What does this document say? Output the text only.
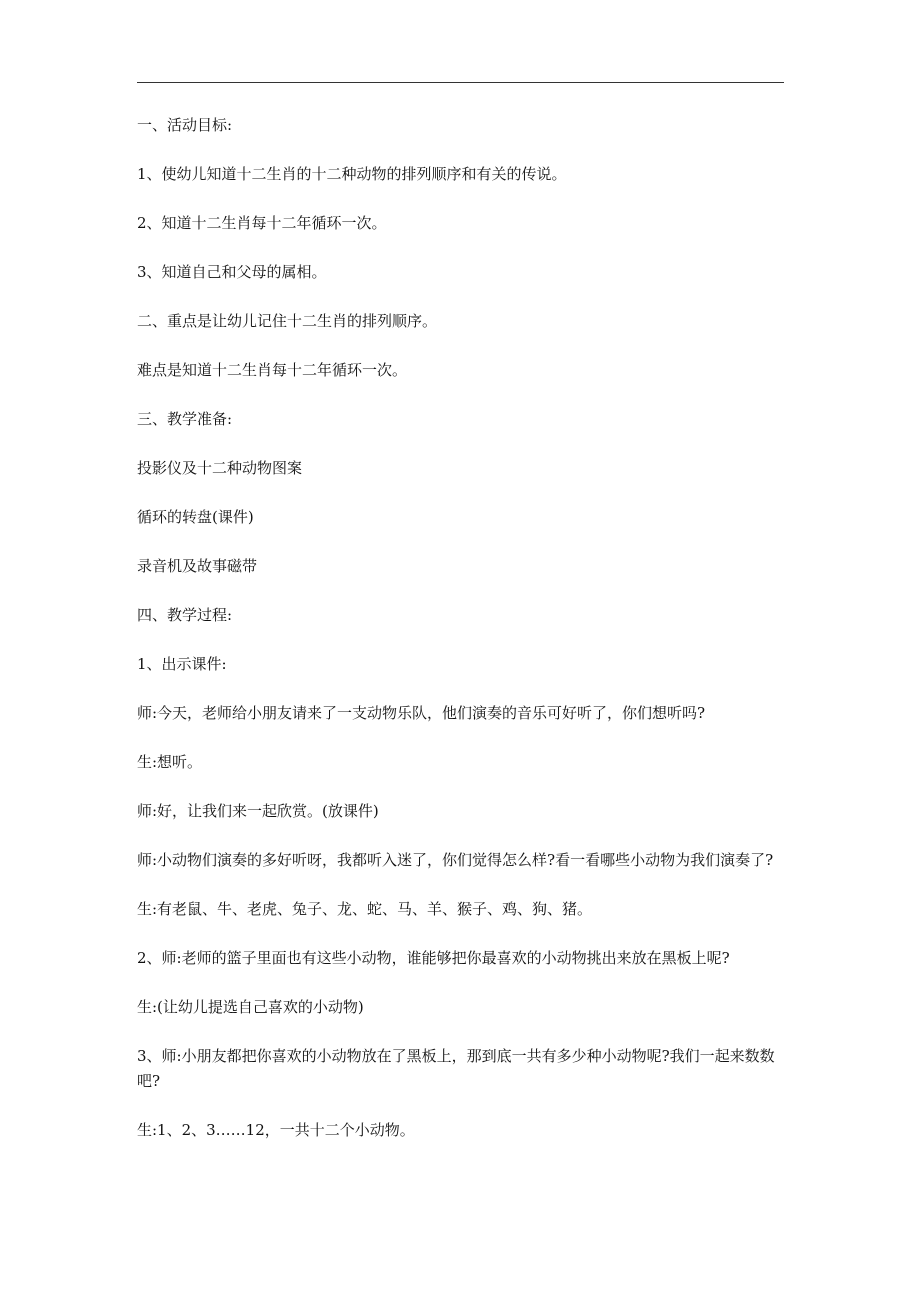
一、活动目标:

1、使幼儿知道十二生肖的十二种动物的排列顺序和有关的传说。

2、知道十二生肖每十二年循环一次。

3、知道自己和父母的属相。

二、重点是让幼儿记住十二生肖的排列顺序。

难点是知道十二生肖每十二年循环一次。

三、教学准备:

投影仪及十二种动物图案

循环的转盘(课件)

录音机及故事磁带

四、教学过程:

1、出示课件:

师:今天，老师给小朋友请来了一支动物乐队，他们演奏的音乐可好听了，你们想听吗?

生:想听。

师:好，让我们来一起欣赏。(放课件)

师:小动物们演奏的多好听呀，我都听入迷了，你们觉得怎么样?看一看哪些小动物为我们演奏了?

生:有老鼠、牛、老虎、兔子、龙、蛇、马、羊、猴子、鸡、狗、猪。

2、师:老师的篮子里面也有这些小动物，谁能够把你最喜欢的小动物挑出来放在黑板上呢?

生:(让幼儿提选自己喜欢的小动物)

3、师:小朋友都把你喜欢的小动物放在了黑板上，那到底一共有多少种小动物呢?我们一起来数数吧?

生:1、2、3……12，一共十二个小动物。
